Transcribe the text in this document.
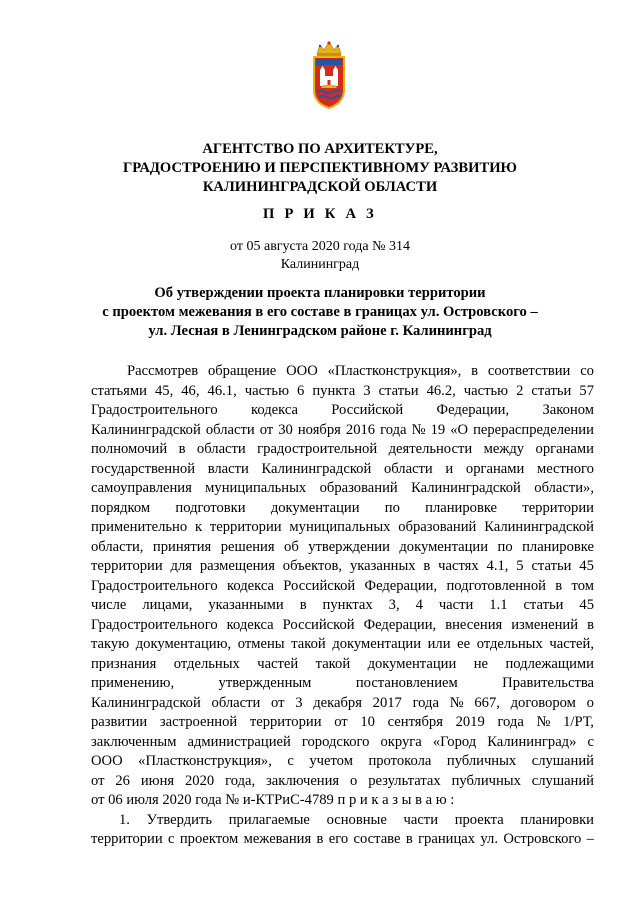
АГЕНТСТВО ПО АРХИТЕКТУРЕ,
ГРАДОСТРОЕНИЮ И ПЕРСПЕКТИВНОМУ РАЗВИТИЮ
КАЛИНИНГРАДСКОЙ ОБЛАСТИ
П Р И К А З
от 05 августа 2020 года № 314
Калининград
Об утверждении проекта планировки территории
с проектом межевания в его составе в границах ул. Островского –
ул. Лесная в Ленинградском районе г. Калининград
Рассмотрев обращение ООО «Пластконструкция», в соответствии со
статьями 45, 46, 46.1, частью 6 пункта 3 статьи 46.2, частью 2 статьи 57
Градостроительного кодекса Российской Федерации, Законом
Калининградской области от 30 ноября 2016 года № 19 «О перераспределении
полномочий в области градостроительной деятельности между органами
государственной власти Калининградской области и органами местного
самоуправления муниципальных образований Калининградской области»,
порядком подготовки документации по планировке территории
применительно к территории муниципальных образований Калининградской
области, принятия решения об утверждении документации по планировке
территории для размещения объектов, указанных в частях 4.1, 5 статьи 45
Градостроительного кодекса Российской Федерации, подготовленной в том
числе лицами, указанными в пунктах 3, 4 части 1.1 статьи 45
Градостроительного кодекса Российской Федерации, внесения изменений в
такую документацию, отмены такой документации или ее отдельных частей,
признания отдельных частей такой документации не подлежащими
применению,	утвержденным	постановлением	Правительства
Калининградской области от 3 декабря 2017 года № 667, договором о
развитии застроенной территории от 10 сентября 2019 года № 1/РТ,
заключенным администрацией городского округа «Город Калининград» с
ООО «Пластконструкция», с учетом протокола публичных слушаний
от 26 июня 2020 года, заключения о результатах публичных слушаний
от 06 июля 2020 года № и-КТРиС-4789 п р и к а з ы в а ю :
1. Утвердить прилагаемые основные части проекта планировки
территории с проектом межевания в его составе в границах ул. Островского –
